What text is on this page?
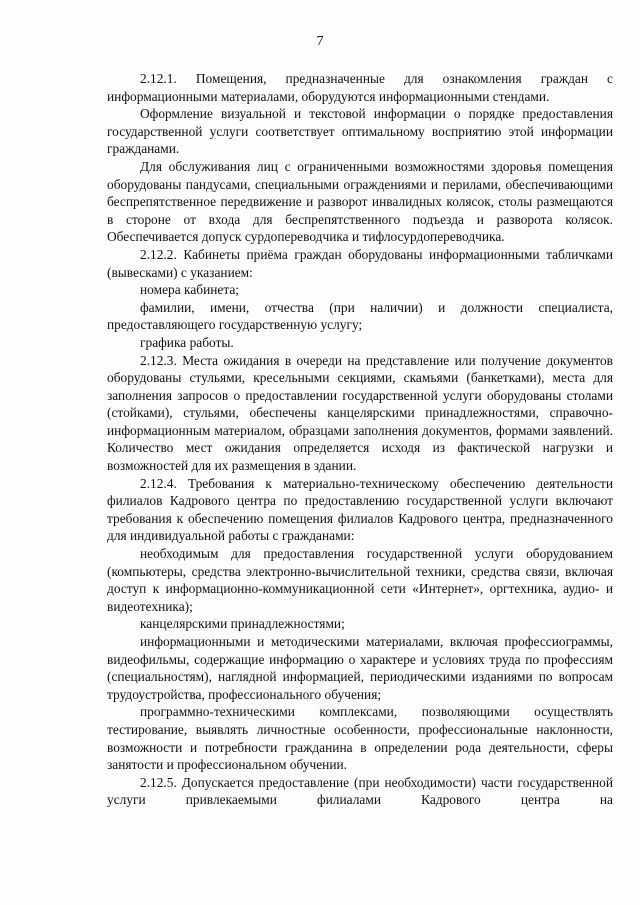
7

2.12.1. Помещения, предназначенные для ознакомления граждан с информационными материалами, оборудуются информационными стендами.

Оформление визуальной и текстовой информации о порядке предоставления государственной услуги соответствует оптимальному восприятию этой информации гражданами.

Для обслуживания лиц с ограниченными возможностями здоровья помещения оборудованы пандусами, специальными ограждениями и перилами, обеспечивающими беспрепятственное передвижение и разворот инвалидных колясок, столы размещаются в стороне от входа для беспрепятственного подъезда и разворота колясок. Обеспечивается допуск сурдопереводчика и тифлосурдопереводчика.

2.12.2. Кабинеты приёма граждан оборудованы информационными табличками (вывесками) с указанием:

номера кабинета;

фамилии, имени, отчества (при наличии) и должности специалиста, предоставляющего государственную услугу;

графика работы.

2.12.3. Места ожидания в очереди на представление или получение документов оборудованы стульями, кресельными секциями, скамьями (банкетками), места для заполнения запросов о предоставлении государственной услуги оборудованы столами (стойками), стульями, обеспечены канцелярскими принадлежностями, справочно-информационным материалом, образцами заполнения документов, формами заявлений. Количество мест ожидания определяется исходя из фактической нагрузки и возможностей для их размещения в здании.

2.12.4. Требования к материально-техническому обеспечению деятельности филиалов Кадрового центра по предоставлению государственной услуги включают требования к обеспечению помещения филиалов Кадрового центра, предназначенного для индивидуальной работы с гражданами:

необходимым для предоставления государственной услуги оборудованием (компьютеры, средства электронно-вычислительной техники, средства связи, включая доступ к информационно-коммуникационной сети «Интернет», оргтехника, аудио- и видеотехника);

канцелярскими принадлежностями;

информационными и методическими материалами, включая профессиограммы, видеофильмы, содержащие информацию о характере и условиях труда по профессиям (специальностям), наглядной информацией, периодическими изданиями по вопросам трудоустройства, профессионального обучения;

программно-техническими комплексами, позволяющими осуществлять тестирование, выявлять личностные особенности, профессиональные наклонности, возможности и потребности гражданина в определении рода деятельности, сферы занятости и профессиональном обучении.

2.12.5. Допускается предоставление (при необходимости) части государственной услуги привлекаемыми филиалами Кадрового центра на
